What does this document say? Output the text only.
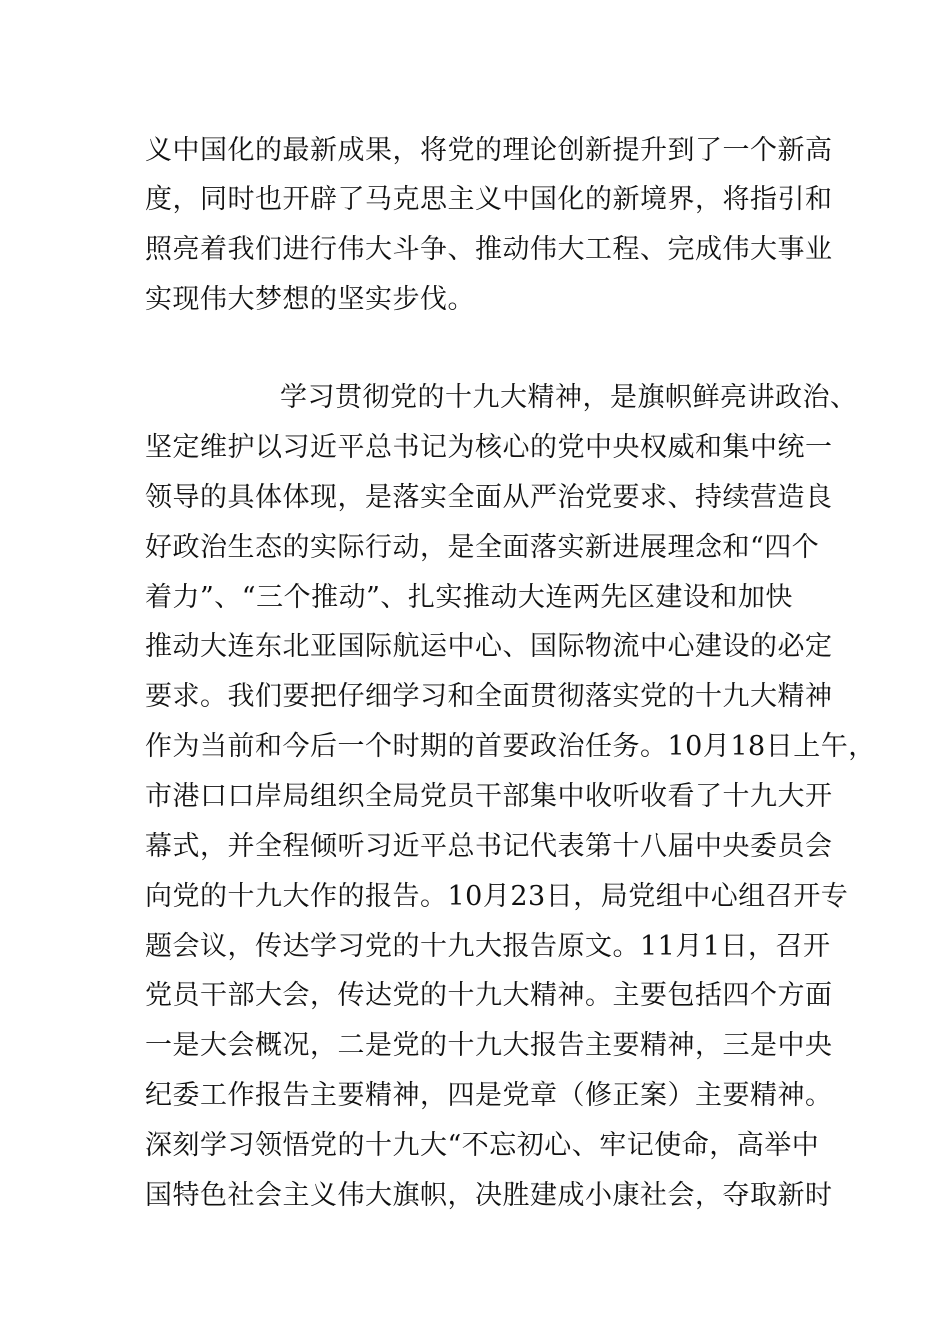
义中国化的最新成果，将党的理论创新提升到了一个新高
度，同时也开辟了马克思主义中国化的新境界，将指引和
照亮着我们进行伟大斗争、推动伟大工程、完成伟大事业
实现伟大梦想的坚实步伐。
学习贯彻党的十九大精神，是旗帜鲜亮讲政治、
坚定维护以习近平总书记为核心的党中央权威和集中统一
领导的具体体现，是落实全面从严治党要求、持续营造良
好政治生态的实际行动，是全面落实新进展理念和“四个
着力”、“三个推动”、扎实推动大连两先区建设和加快
推动大连东北亚国际航运中心、国际物流中心建设的必定
要求。我们要把仔细学习和全面贯彻落实党的十九大精神
作为当前和今后一个时期的首要政治任务。10月18日上午，
市港口口岸局组织全局党员干部集中收听收看了十九大开
幕式，并全程倾听习近平总书记代表第十八届中央委员会
向党的十九大作的报告。10月23日，局党组中心组召开专
题会议，传达学习党的十九大报告原文。11月1日，召开
党员干部大会，传达党的十九大精神。主要包括四个方面
一是大会概况，二是党的十九大报告主要精神，三是中央
纪委工作报告主要精神，四是党章（修正案）主要精神。
深刻学习领悟党的十九大“不忘初心、牢记使命，高举中
国特色社会主义伟大旗帜，决胜建成小康社会，夺取新时
